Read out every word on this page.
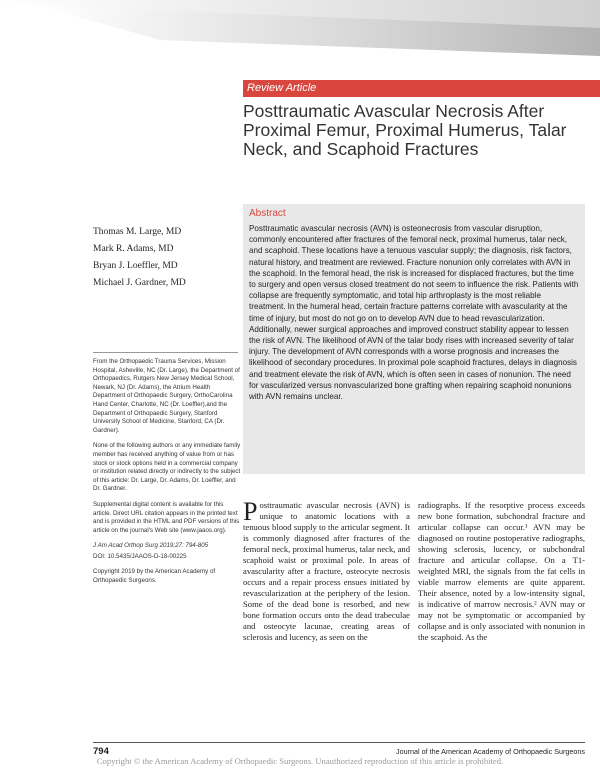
Review Article
Posttraumatic Avascular Necrosis After Proximal Femur, Proximal Humerus, Talar Neck, and Scaphoid Fractures
Thomas M. Large, MD
Mark R. Adams, MD
Bryan J. Loeffler, MD
Michael J. Gardner, MD
Abstract

Posttraumatic avascular necrosis (AVN) is osteonecrosis from vascular disruption, commonly encountered after fractures of the femoral neck, proximal humerus, talar neck, and scaphoid. These locations have a tenuous vascular supply; the diagnosis, risk factors, natural history, and treatment are reviewed. Fracture nonunion only correlates with AVN in the scaphoid. In the femoral head, the risk is increased for displaced fractures, but the time to surgery and open versus closed treatment do not seem to influence the risk. Patients with collapse are frequently symptomatic, and total hip arthroplasty is the most reliable treatment. In the humeral head, certain fracture patterns correlate with avascularity at the time of injury, but most do not go on to develop AVN due to head revascularization. Additionally, newer surgical approaches and improved construct stability appear to lessen the risk of AVN. The likelihood of AVN of the talar body rises with increased severity of talar injury. The development of AVN corresponds with a worse prognosis and increases the likelihood of secondary procedures. In proximal pole scaphoid fractures, delays in diagnosis and treatment elevate the risk of AVN, which is often seen in cases of nonunion. The need for vascularized versus nonvascularized bone grafting when repairing scaphoid nonunions with AVN remains unclear.

From the Orthopaedic Trauma Services, Mission Hospital, Asheville, NC (Dr. Large), the Department of Orthopaedics, Rutgers New Jersey Medical School, Newark, NJ (Dr. Adams), the Atrium Health Department of Orthopaedic Surgery, OrthoCarolina Hand Center, Charlotte, NC (Dr. Loeffler),and the Department of Orthopaedic Surgery, Stanford University School of Medicine, Stanford, CA (Dr. Gardner).

None of the following authors or any immediate family member has received anything of value from or has stock or stock options held in a commercial company or institution related directly or indirectly to the subject of this article: Dr. Large, Dr. Adams, Dr. Loeffler, and Dr. Gardner.

Supplemental digital content is available for this article. Direct URL citation appears in the printed text and is provided in the HTML and PDF versions of this article on the journal's Web site (www.jaaos.org).

J Am Acad Orthop Surg 2019;27: 794-805

DOI: 10.5435/JAAOS-D-18-00225

Copyright 2019 by the American Academy of Orthopaedic Surgeons.

Posttraumatic avascular necrosis (AVN) is unique to anatomic locations with a tenuous blood supply to the articular segment. It is commonly diagnosed after fractures of the femoral neck, proximal humerus, talar neck, and scaphoid waist or proximal pole. In areas of avascularity after a fracture, osteocyte necrosis occurs and a repair process ensues initiated by revascularization at the periphery of the lesion. Some of the dead bone is resorbed, and new bone formation occurs onto the dead trabeculae and osteocyte lacunae, creating areas of sclerosis and lucency, as seen on the

radiographs. If the resorptive process exceeds new bone formation, subchondral fracture and articular collapse can occur.¹ AVN may be diagnosed on routine postoperative radiographs, showing sclerosis, lucency, or subchondral fracture and articular collapse. On a T1-weighted MRI, the signals from the fat cells in viable marrow elements are quite apparent. Their absence, noted by a low-intensity signal, is indicative of marrow necrosis.² AVN may or may not be symptomatic or accompanied by collapse and is only associated with nonunion in the scaphoid. As the

794	Journal of the American Academy of Orthopaedic Surgeons
Copyright © the American Academy of Orthopaedic Surgeons. Unauthorized reproduction of this article is prohibited.
